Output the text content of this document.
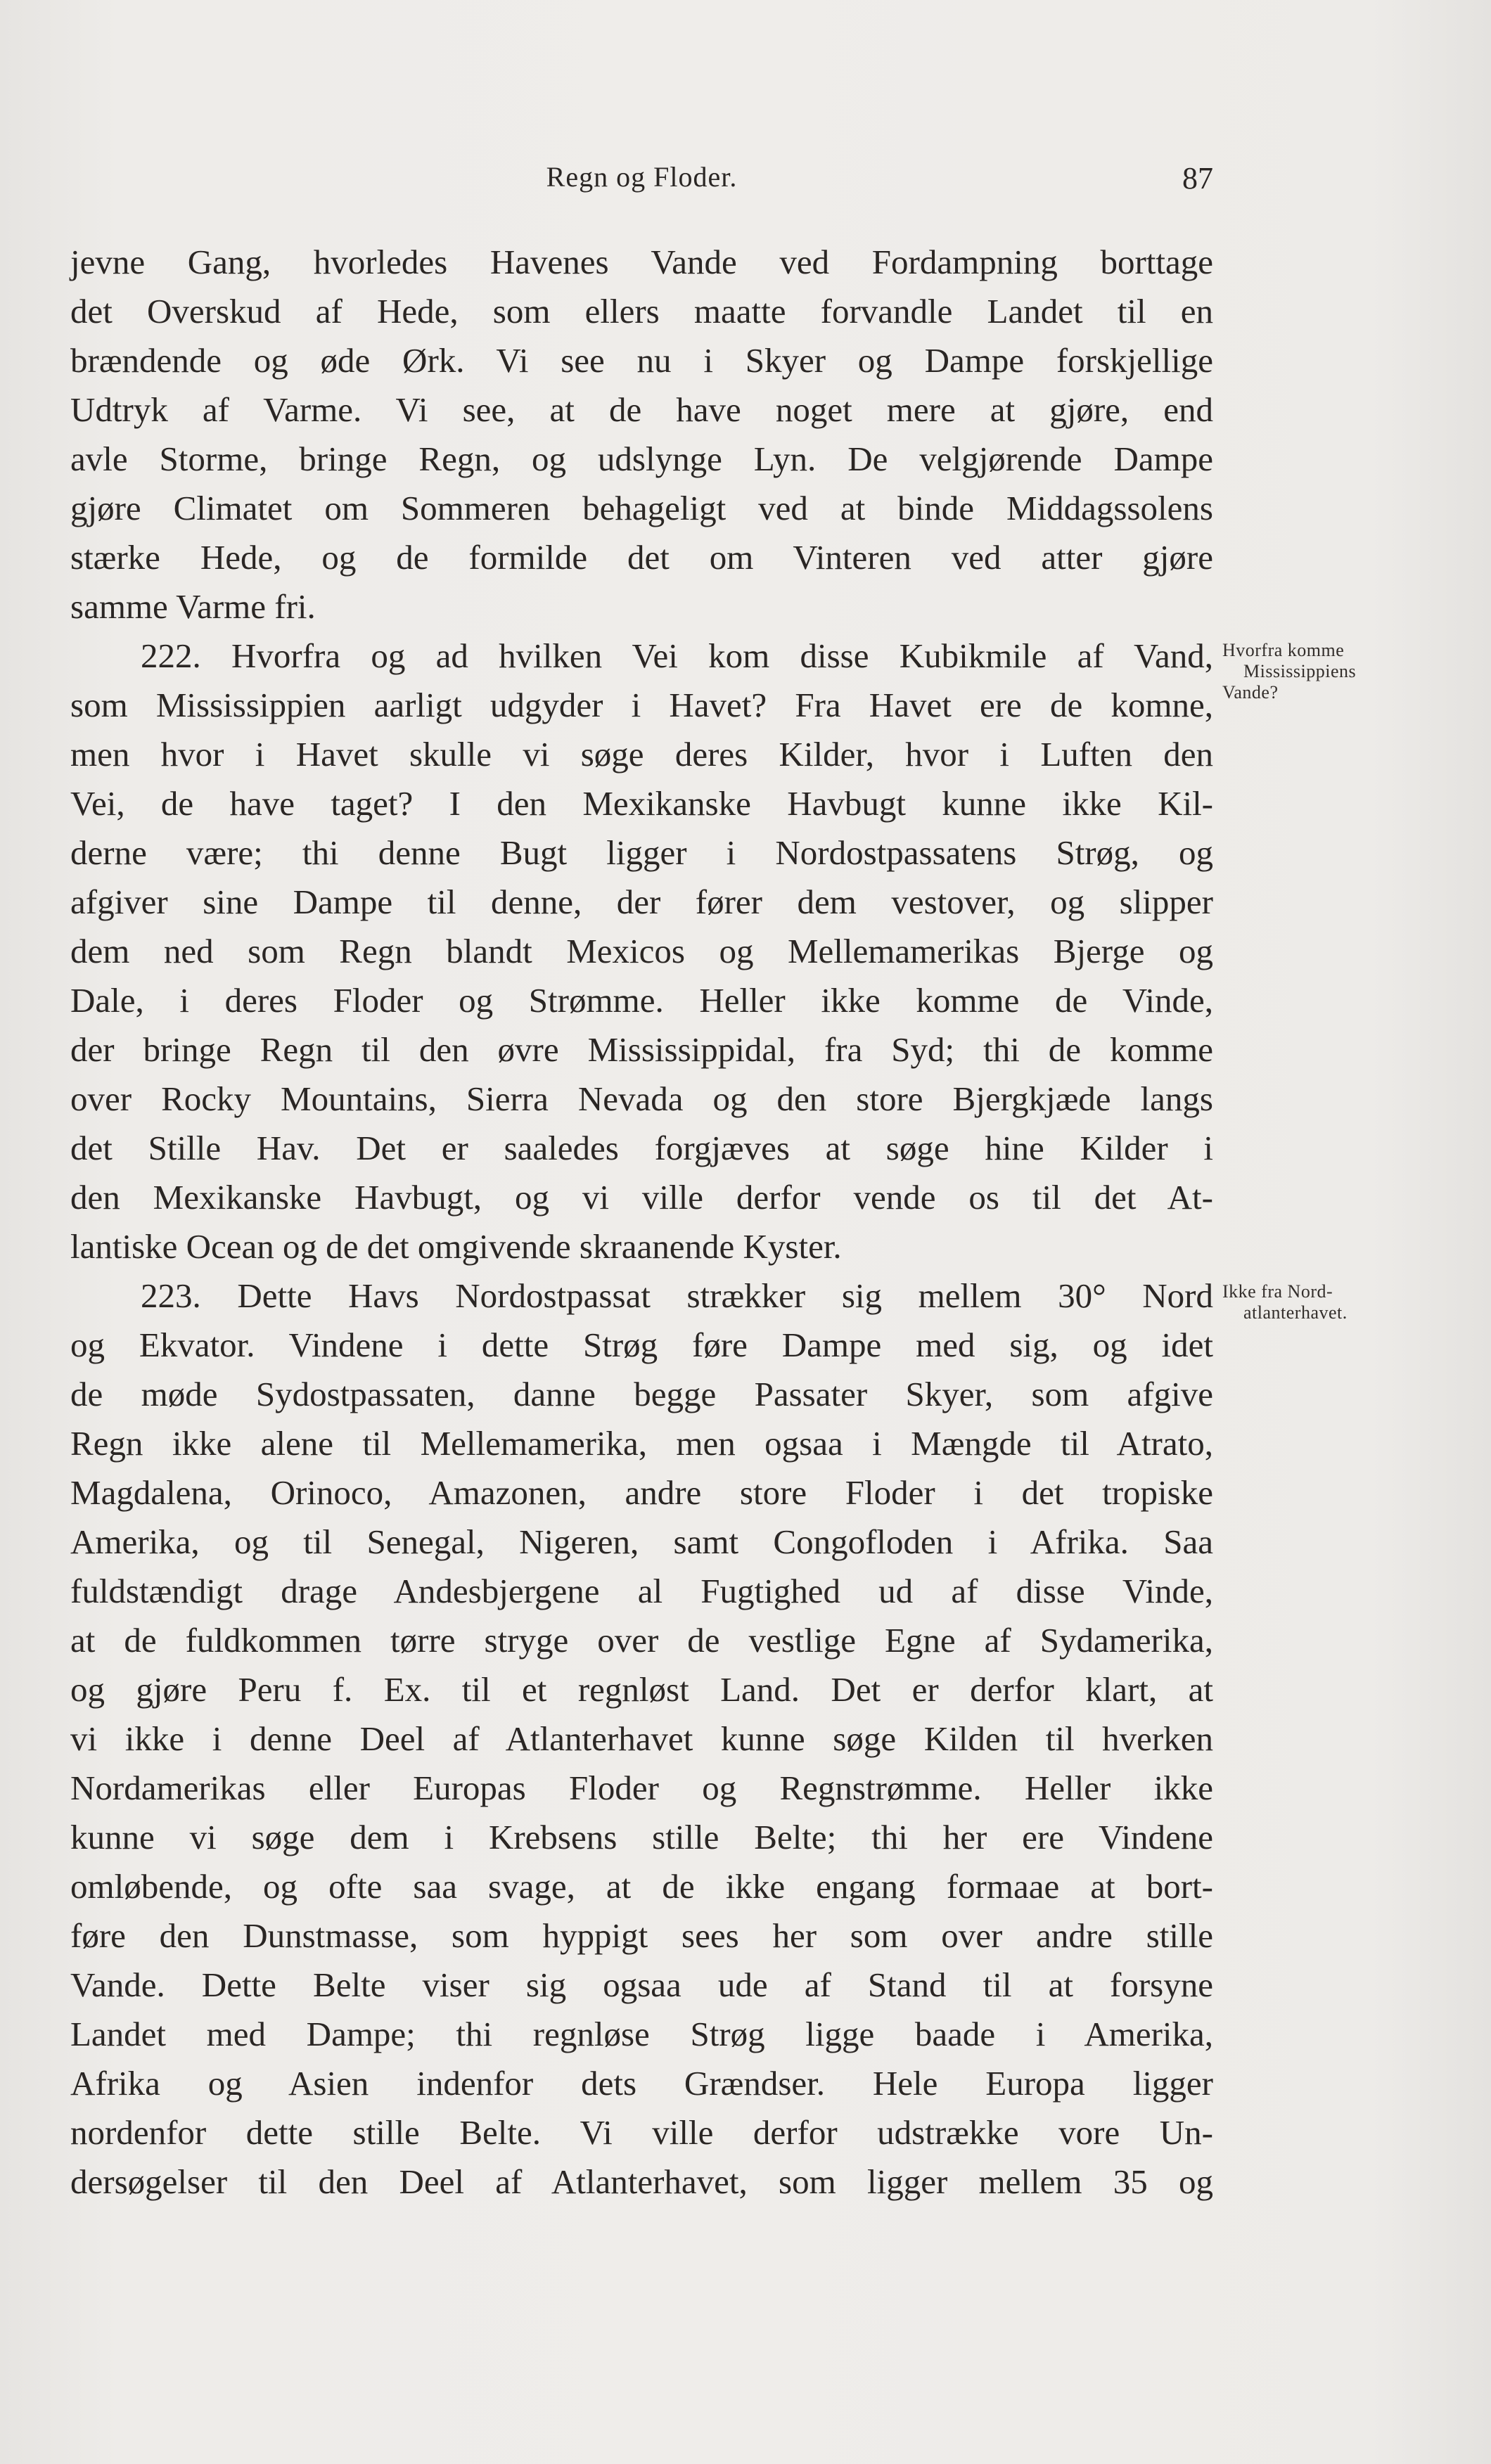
Regn og Floder.	87
jevne Gang, hvorledes Havenes Vande ved Fordampning borttage
det Overskud af Hede, som ellers maatte forvandle Landet til en
brændende og øde Ørk. Vi see nu i Skyer og Dampe forskjellige
Udtryk af Varme. Vi see, at de have noget mere at gjøre, end
avle Storme, bringe Regn, og udslynge Lyn. De velgjørende Dampe
gjøre Climatet om Sommeren behageligt ved at binde Middagssolens
stærke Hede, og de formilde det om Vinteren ved atter gjøre
samme Varme fri.
222. Hvorfra og ad hvilken Vei kom disse Kubikmile af Vand,
som Mississippien aarligt udgyder i Havet? Fra Havet ere de komne,
men hvor i Havet skulle vi søge deres Kilder, hvor i Luften den
Vei, de have taget? I den Mexikanske Havbugt kunne ikke Kil-
derne være; thi denne Bugt ligger i Nordostpassatens Strøg, og
afgiver sine Dampe til denne, der fører dem vestover, og slipper
dem ned som Regn blandt Mexicos og Mellemamerikas Bjerge og
Dale, i deres Floder og Strømme. Heller ikke komme de Vinde,
der bringe Regn til den øvre Mississippidal, fra Syd; thi de komme
over Rocky Mountains, Sierra Nevada og den store Bjergkjæde langs
det Stille Hav. Det er saaledes forgjæves at søge hine Kilder i
den Mexikanske Havbugt, og vi ville derfor vende os til det At-
lantiske Ocean og de det omgivende skraanende Kyster.
223. Dette Havs Nordostpassat strækker sig mellem 30° Nord
og Ekvator. Vindene i dette Strøg føre Dampe med sig, og idet
de møde Sydostpassaten, danne begge Passater Skyer, som afgive
Regn ikke alene til Mellemamerika, men ogsaa i Mængde til Atrato,
Magdalena, Orinoco, Amazonen, andre store Floder i det tropiske
Amerika, og til Senegal, Nigeren, samt Congofloden i Afrika. Saa
fuldstændigt drage Andesbjergene al Fugtighed ud af disse Vinde,
at de fuldkommen tørre stryge over de vestlige Egne af Sydamerika,
og gjøre Peru f. Ex. til et regnløst Land. Det er derfor klart, at
vi ikke i denne Deel af Atlanterhavet kunne søge Kilden til hverken
Nordamerikas eller Europas Floder og Regnstrømme. Heller ikke
kunne vi søge dem i Krebsens stille Belte; thi her ere Vindene
omløbende, og ofte saa svage, at de ikke engang formaae at bort-
føre den Dunstmasse, som hyppigt sees her som over andre stille
Vande. Dette Belte viser sig ogsaa ude af Stand til at forsyne
Landet med Dampe; thi regnløse Strøg ligge baade i Amerika,
Afrika og Asien indenfor dets Grændser. Hele Europa ligger
nordenfor dette stille Belte. Vi ville derfor udstrække vore Un-
dersøgelser til den Deel af Atlanterhavet, som ligger mellem 35 og
Hvorfra komme
Mississippiens
Vande?
Ikke fra Nord-
atlanterhavet.
